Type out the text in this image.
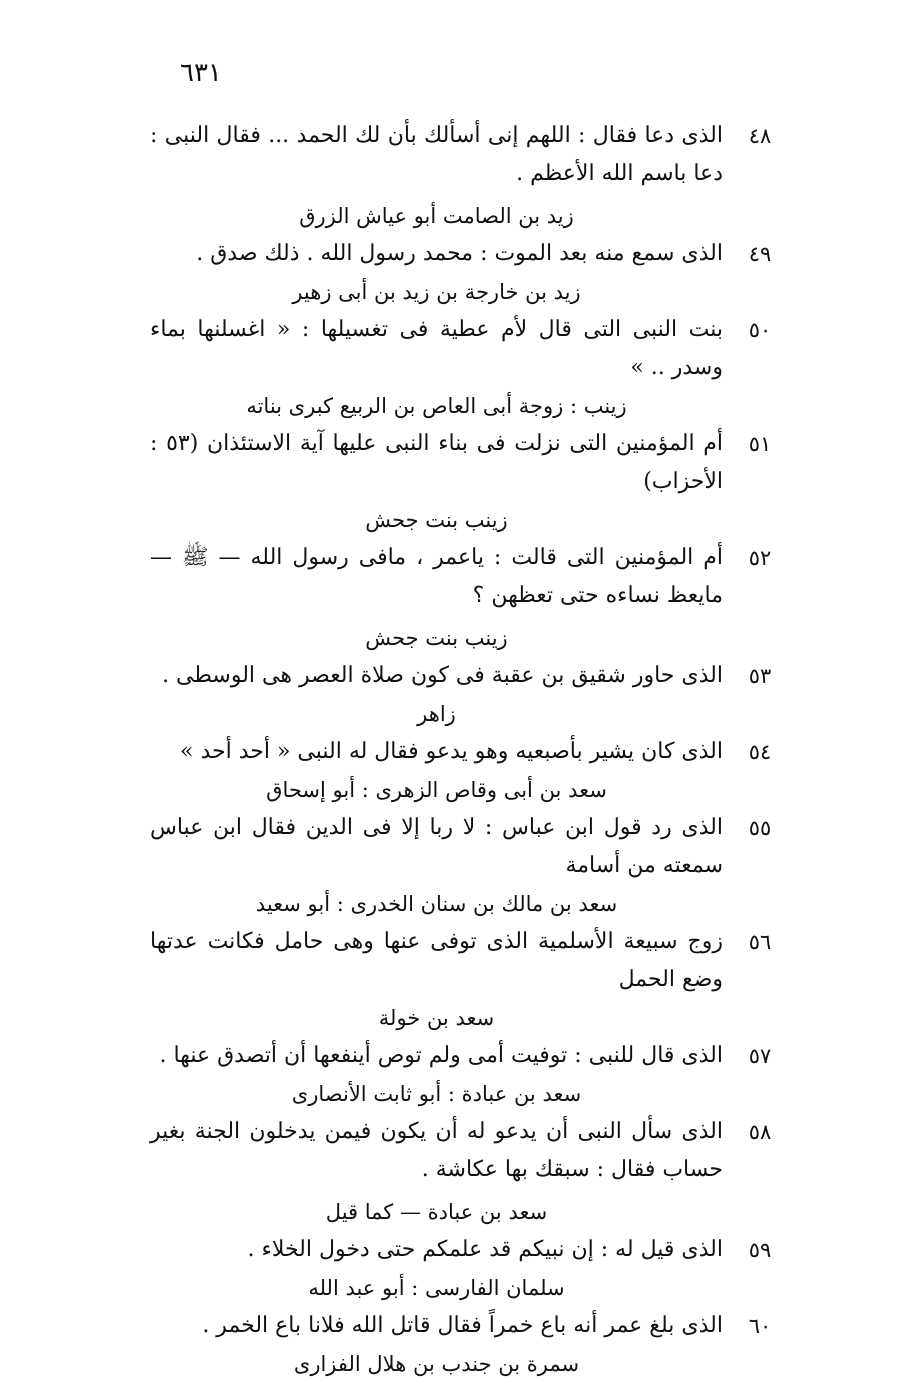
٦٣١
٤٨
الذى دعا فقال : اللهم إنى أسألك بأن لك الحمد ... فقال النبى : دعا باسم الله الأعظم .
زيد بن الصامت أبو عياش الزرق
٤٩
الذى سمع منه بعد الموت : محمد رسول الله . ذلك صدق .
زيد بن خارجة بن زيد بن أبى زهير
٥٠
بنت النبى التى قال لأم عطية فى تغسيلها : « اغسلنها بماء وسدر .. »
زينب : زوجة أبى العاص بن الربيع كبرى بناته
٥١
أم المؤمنين التى نزلت فى بناء النبى عليها آية الاستئذان (٥٣ : الأحزاب)
زينب بنت جحش
٥٢
أم المؤمنين التى قالت : ياعمر ، مافى رسول الله — ﷺ — مايعظ نساءه حتى تعظهن ؟
زينب بنت جحش
٥٣
الذى حاور شقيق بن عقبة فى كون صلاة العصر هى الوسطى .
زاهر
٥٤
الذى كان يشير بأصبعيه وهو يدعو فقال له النبى « أحد أحد »
سعد بن أبى وقاص الزهرى : أبو إسحاق
٥٥
الذى رد قول ابن عباس : لا ربا إلا فى الدين فقال ابن عباس سمعته من أسامة
سعد بن مالك بن سنان الخدرى : أبو سعيد
٥٦
زوج سبيعة الأسلمية الذى توفى عنها وهى حامل فكانت عدتها وضع الحمل
سعد بن خولة
٥٧
الذى قال للنبى : توفيت أمى ولم توص أينفعها أن أتصدق عنها .
سعد بن عبادة : أبو ثابت الأنصارى
٥٨
الذى سأل النبى أن يدعو له أن يكون فيمن يدخلون الجنة بغير حساب فقال : سبقك بها عكاشة .
سعد بن عبادة — كما قيل
٥٩
الذى قيل له : إن نبيكم قد علمكم حتى دخول الخلاء .
سلمان الفارسى : أبو عبد الله
٦٠
الذى بلغ عمر أنه باع خمراً فقال قاتل الله فلانا باع الخمر .
سمرة بن جندب بن هلال الفزارى
